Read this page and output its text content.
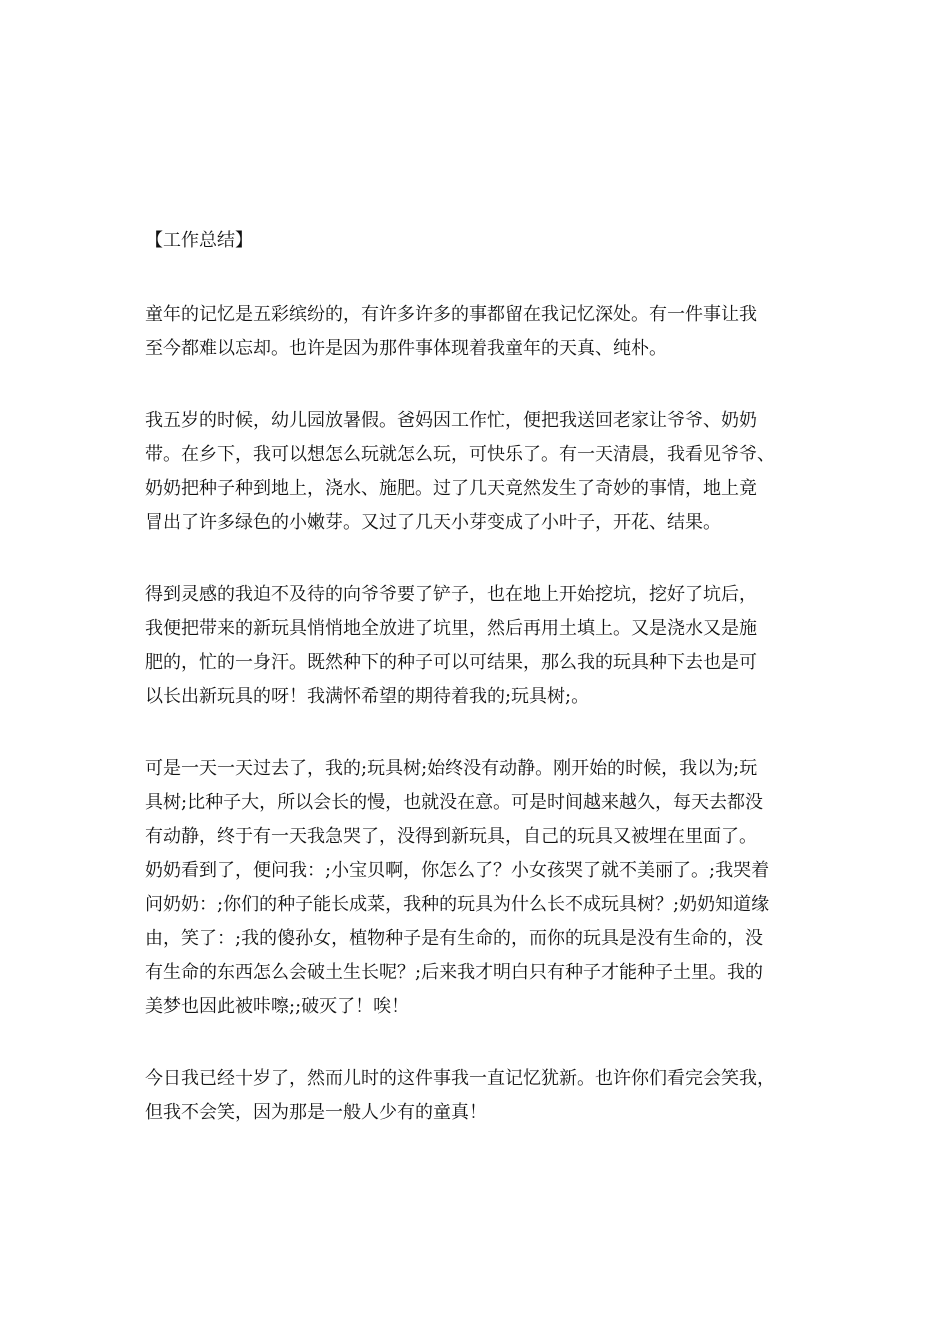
【工作总结】
童年的记忆是五彩缤纷的，有许多许多的事都留在我记忆深处。有一件事让我
至今都难以忘却。也许是因为那件事体现着我童年的天真、纯朴。
我五岁的时候，幼儿园放暑假。爸妈因工作忙，便把我送回老家让爷爷、奶奶
带。在乡下，我可以想怎么玩就怎么玩，可快乐了。有一天清晨，我看见爷爷、
奶奶把种子种到地上，浇水、施肥。过了几天竟然发生了奇妙的事情，地上竟
冒出了许多绿色的小嫩芽。又过了几天小芽变成了小叶子，开花、结果。
得到灵感的我迫不及待的向爷爷要了铲子，也在地上开始挖坑，挖好了坑后，
我便把带来的新玩具悄悄地全放进了坑里，然后再用土填上。又是浇水又是施
肥的，忙的一身汗。既然种下的种子可以可结果，那么我的玩具种下去也是可
以长出新玩具的呀！我满怀希望的期待着我的;玩具树;。
可是一天一天过去了，我的;玩具树;始终没有动静。刚开始的时候，我以为;玩
具树;比种子大，所以会长的慢，也就没在意。可是时间越来越久，每天去都没
有动静，终于有一天我急哭了，没得到新玩具，自己的玩具又被埋在里面了。
奶奶看到了，便问我：;小宝贝啊，你怎么了？小女孩哭了就不美丽了。;我哭着
问奶奶：;你们的种子能长成菜，我种的玩具为什么长不成玩具树？;奶奶知道缘
由，笑了：;我的傻孙女，植物种子是有生命的，而你的玩具是没有生命的，没
有生命的东西怎么会破土生长呢？;后来我才明白只有种子才能种子土里。我的
美梦也因此被咔嚓;;破灭了！唉！
今日我已经十岁了，然而儿时的这件事我一直记忆犹新。也许你们看完会笑我，
但我不会笑，因为那是一般人少有的童真！
